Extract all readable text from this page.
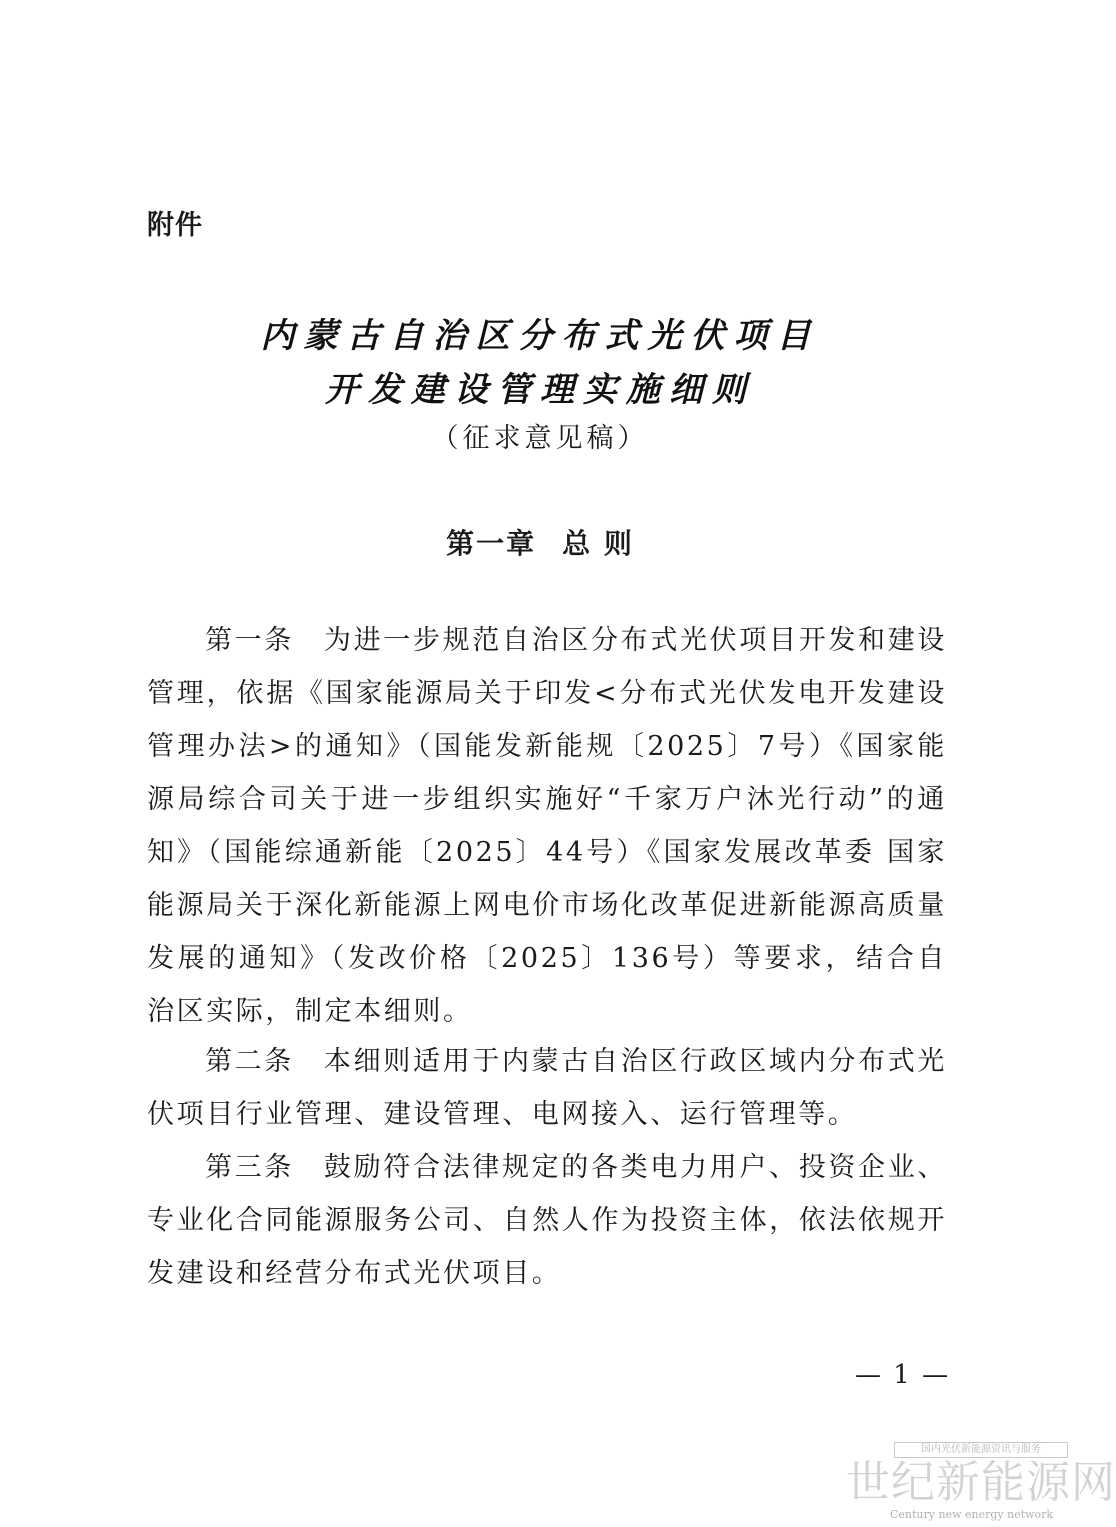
附件
内蒙古自治区分布式光伏项目
开发建设管理实施细则
（征求意见稿）
第一章 总 则
第一条 为进一步规范自治区分布式光伏项目开发和建设管理，依据《国家能源局关于印发<分布式光伏发电开发建设管理办法>的通知》（国能发新能规〔2025〕7号）《国家能源局综合司关于进一步组织实施好“千家万户沐光行动”的通知》（国能综通新能〔2025〕44号）《国家发展改革委 国家能源局关于深化新能源上网电价市场化改革促进新能源高质量发展的通知》（发改价格〔2025〕136号）等要求，结合自治区实际，制定本细则。
第二条 本细则适用于内蒙古自治区行政区域内分布式光伏项目行业管理、建设管理、电网接入、运行管理等。
第三条 鼓励符合法律规定的各类电力用户、投资企业、专业化合同能源服务公司、自然人作为投资主体，依法依规开发建设和经营分布式光伏项目。
— 1 —
国内光伏新能源资讯与服务
世纪新能源网
Century new energy network
